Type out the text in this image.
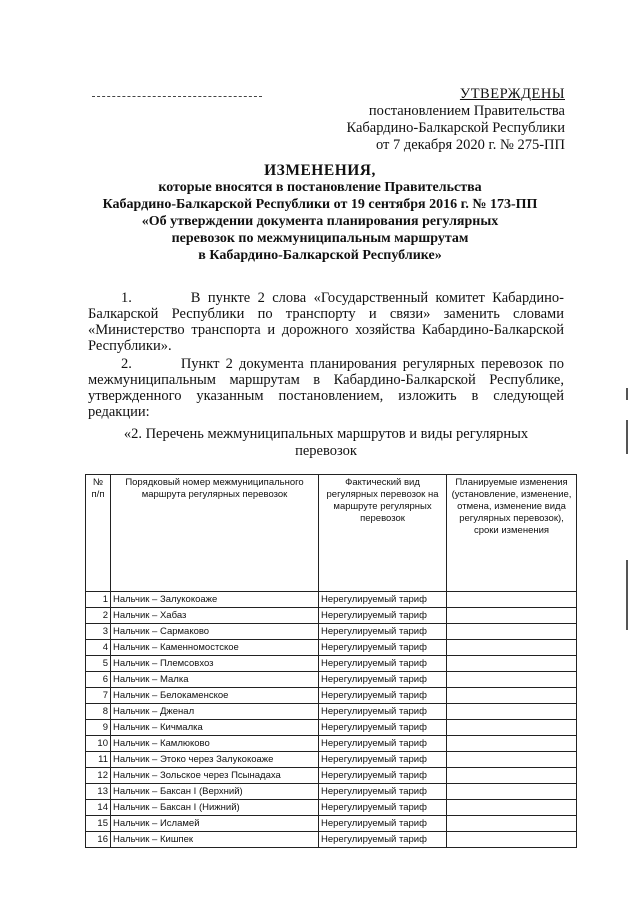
УТВЕРЖДЕНЫ
постановлением Правительства
Кабардино-Балкарской Республики
от 7 декабря 2020 г. № 275-ПП
ИЗМЕНЕНИЯ,
которые вносятся в постановление Правительства
Кабардино-Балкарской Республики от 19 сентября 2016 г. № 173-ПП
«Об утверждении документа планирования регулярных
перевозок по межмуниципальным маршрутам
в Кабардино-Балкарской Республике»
1.        В пункте 2 слова «Государственный комитет Кабардино-Балкарской Республики по транспорту и связи» заменить словами «Министерство транспорта и дорожного хозяйства Кабардино-Балкарской Республики».
2.        Пункт 2 документа планирования регулярных перевозок по межмуниципальным маршрутам в Кабардино-Балкарской Республике, утвержденного указанным постановлением, изложить в следующей редакции:
«2. Перечень межмуниципальных маршрутов и виды регулярных
перевозок
№ п/п	Порядковый номер межмуниципального маршрута регулярных перевозок	Фактический вид регулярных перевозок на маршруте регулярных перевозок	Планируемые изменения (установление, изменение, отмена, изменение вида регулярных перевозок), сроки изменения
1	Нальчик – Залукокоаже	Нерегулируемый тариф	
2	Нальчик – Хабаз	Нерегулируемый тариф	
3	Нальчик – Сармаково	Нерегулируемый тариф	
4	Нальчик – Каменномостское	Нерегулируемый тариф	
5	Нальчик – Племсовхоз	Нерегулируемый тариф	
6	Нальчик – Малка	Нерегулируемый тариф	
7	Нальчик – Белокаменское	Нерегулируемый тариф	
8	Нальчик – Дженал	Нерегулируемый тариф	
9	Нальчик – Кичмалка	Нерегулируемый тариф	
10	Нальчик – Камлюково	Нерегулируемый тариф	
11	Нальчик – Этоко через Залукокоаже	Нерегулируемый тариф	
12	Нальчик – Зольское через Псынадаха	Нерегулируемый тариф	
13	Нальчик – Баксан I (Верхний)	Нерегулируемый тариф	
14	Нальчик – Баксан I (Нижний)	Нерегулируемый тариф	
15	Нальчик – Исламей	Нерегулируемый тариф	
16	Нальчик – Кишпек	Нерегулируемый тариф	
